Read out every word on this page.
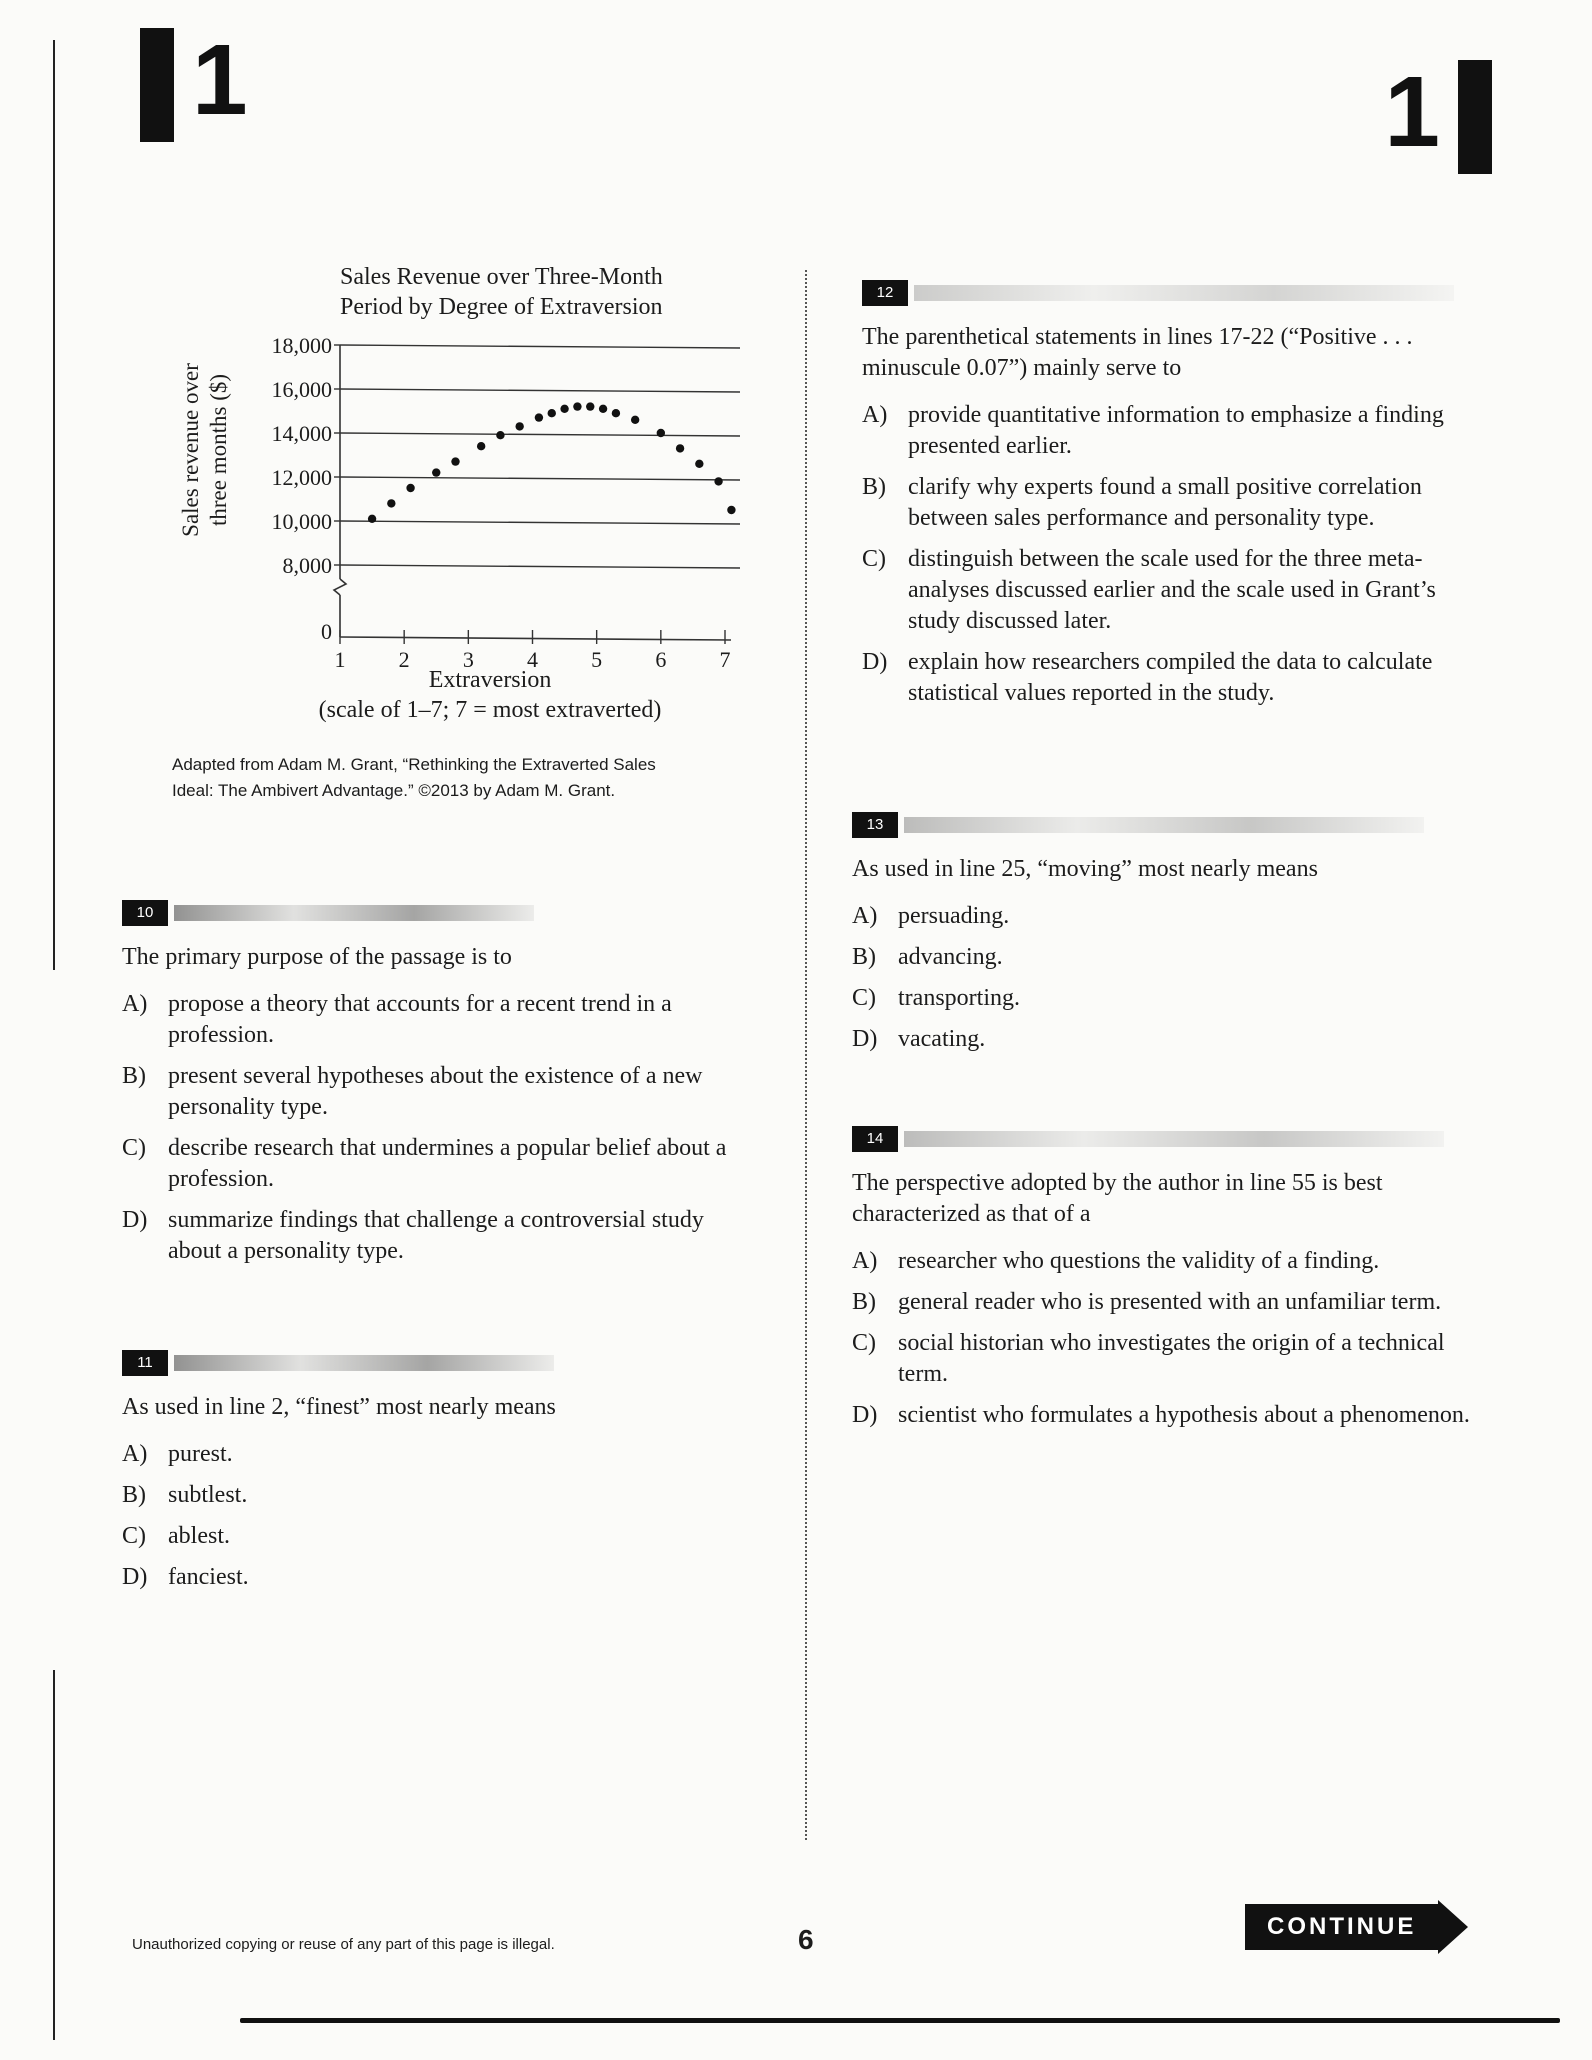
1	1
Sales Revenue over Three-Month
Period by Degree of Extraversion
18,000
16,000
14,000
12,000
10,000
8,000
0
1 2 3 4 5 6 7
Sales revenue over three months ($)
Extraversion
(scale of 1–7; 7 = most extraverted)
Adapted from Adam M. Grant, “Rethinking the Extraverted Sales
Ideal: The Ambivert Advantage.” ©2013 by Adam M. Grant.
10
The primary purpose of the passage is to
A) propose a theory that accounts for a recent trend in a profession.
B) present several hypotheses about the existence of a new personality type.
C) describe research that undermines a popular belief about a profession.
D) summarize findings that challenge a controversial study about a personality type.
11
As used in line 2, “finest” most nearly means
A) purest.
B) subtlest.
C) ablest.
D) fanciest.
12
The parenthetical statements in lines 17-22 (“Positive . . . minuscule 0.07”) mainly serve to
A) provide quantitative information to emphasize a finding presented earlier.
B) clarify why experts found a small positive correlation between sales performance and personality type.
C) distinguish between the scale used for the three meta-analyses discussed earlier and the scale used in Grant’s study discussed later.
D) explain how researchers compiled the data to calculate statistical values reported in the study.
13
As used in line 25, “moving” most nearly means
A) persuading.
B) advancing.
C) transporting.
D) vacating.
14
The perspective adopted by the author in line 55 is best characterized as that of a
A) researcher who questions the validity of a finding.
B) general reader who is presented with an unfamiliar term.
C) social historian who investigates the origin of a technical term.
D) scientist who formulates a hypothesis about a phenomenon.
Unauthorized copying or reuse of any part of this page is illegal.	6	CONTINUE
